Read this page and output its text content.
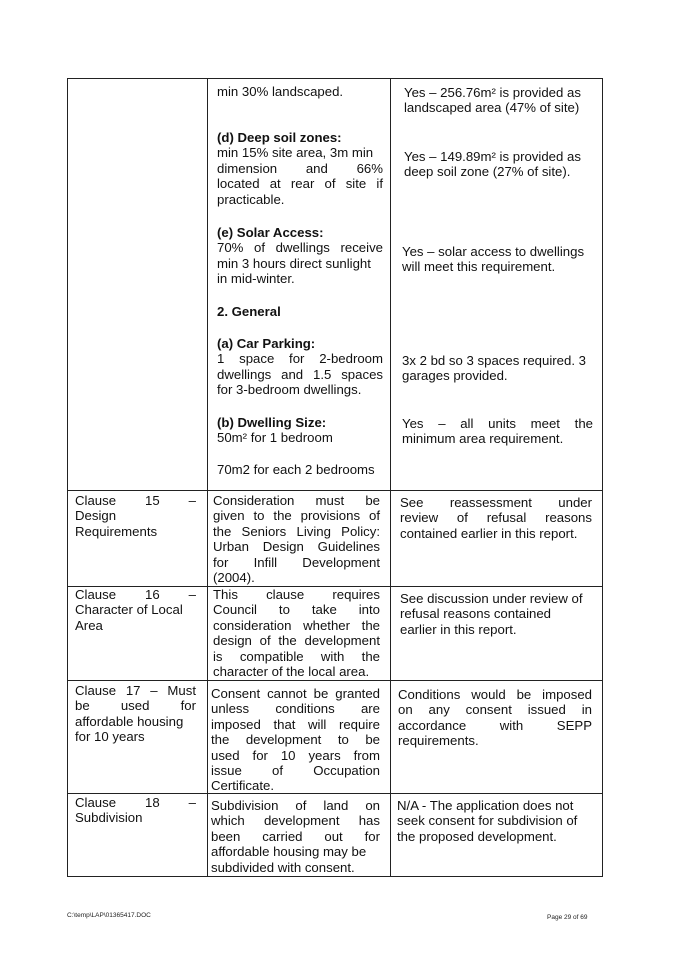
min 30% landscaped.
(d) Deep soil zones:
min 15% site area, 3m min
dimension and 66%
located at rear of site if
practicable.
(e) Solar Access:
70% of dwellings receive
min 3 hours direct sunlight
in mid-winter.
2. General
(a) Car Parking:
1 space for 2-bedroom
dwellings and 1.5 spaces
for 3-bedroom dwellings.
(b) Dwelling Size:
50m² for 1 bedroom
70m2 for each 2 bedrooms
Yes – 256.76m² is provided as
landscaped area (47% of site)
Yes – 149.89m² is provided as
deep soil zone (27% of site).
Yes – solar access to dwellings
will meet this requirement.
3x 2 bd so 3 spaces required. 3
garages provided.
Yes – all units meet the
minimum area requirement.
Clause 15 –
Design
Requirements
Consideration must be
given to the provisions of
the Seniors Living Policy:
Urban Design Guidelines
for Infill Development
(2004).
See reassessment under
review of refusal reasons
contained earlier in this report.
Clause 16 –
Character of Local
Area
This clause requires
Council to take into
consideration whether the
design of the development
is compatible with the
character of the local area.
See discussion under review of
refusal reasons contained
earlier in this report.
Clause 17 – Must
be used for
affordable housing
for 10 years
Consent cannot be granted
unless conditions are
imposed that will require
the development to be
used for 10 years from
issue of Occupation
Certificate.
Conditions would be imposed
on any consent issued in
accordance with SEPP
requirements.
Clause 18 –
Subdivision
Subdivision of land on
which development has
been carried out for
affordable housing may be
subdivided with consent.
N/A - The application does not
seek consent for subdivision of
the proposed development.
C:\temp\LAP\01365417.DOC	Page 29 of 69
